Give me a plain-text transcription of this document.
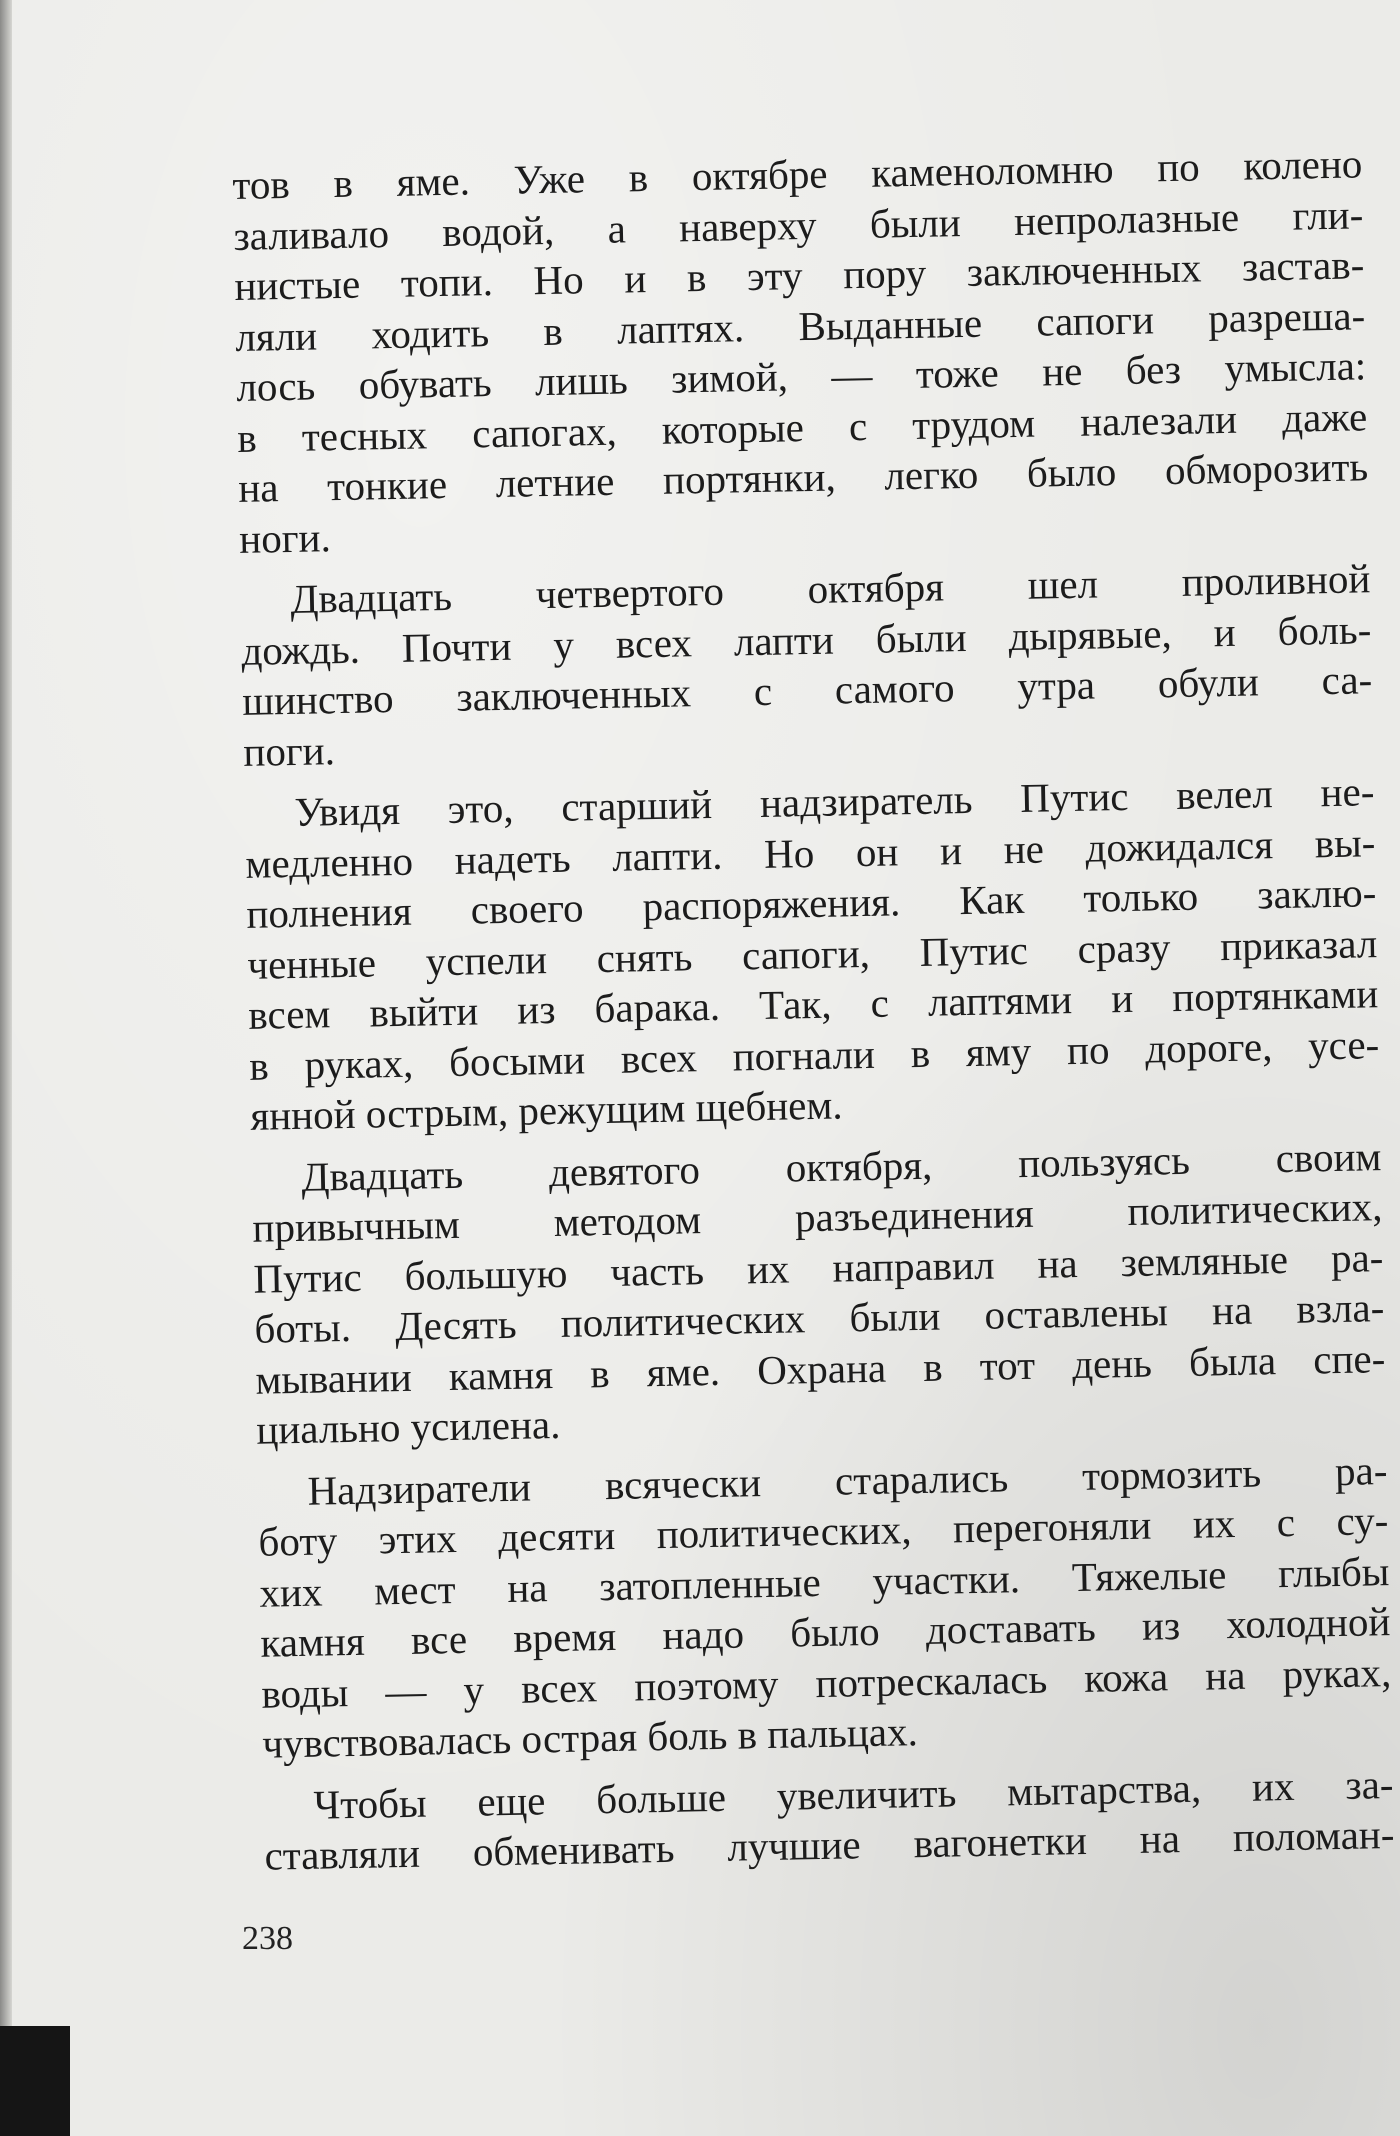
тов в яме. Уже в октябре каменоломню по колено
заливало водой, а наверху были непролазные гли-
нистые топи. Но и в эту пору заключенных застав-
ляли ходить в лаптях. Выданные сапоги разреша-
лось обувать лишь зимой, — тоже не без умысла:
в тесных сапогах, которые с трудом налезали даже
на тонкие летние портянки, легко было обморозить
ноги.

Двадцать четвертого октября шел проливной
дождь. Почти у всех лапти были дырявые, и боль-
шинство заключенных с самого утра обули са-
поги.

Увидя это, старший надзиратель Путис велел не-
медленно надеть лапти. Но он и не дожидался вы-
полнения своего распоряжения. Как только заклю-
ченные успели снять сапоги, Путис сразу приказал
всем выйти из барака. Так, с лаптями и портянками
в руках, босыми всех погнали в яму по дороге, усе-
янной острым, режущим щебнем.

Двадцать девятого октября, пользуясь своим
привычным методом разъединения политических,
Путис большую часть их направил на земляные ра-
боты. Десять политических были оставлены на взла-
мывании камня в яме. Охрана в тот день была спе-
циально усилена.

Надзиратели всячески старались тормозить ра-
боту этих десяти политических, перегоняли их с су-
хих мест на затопленные участки. Тяжелые глыбы
камня все время надо было доставать из холодной
воды — у всех поэтому потрескалась кожа на руках,
чувствовалась острая боль в пальцах.

Чтобы еще больше увеличить мытарства, их за-
ставляли обменивать лучшие вагонетки на поломан-

238
